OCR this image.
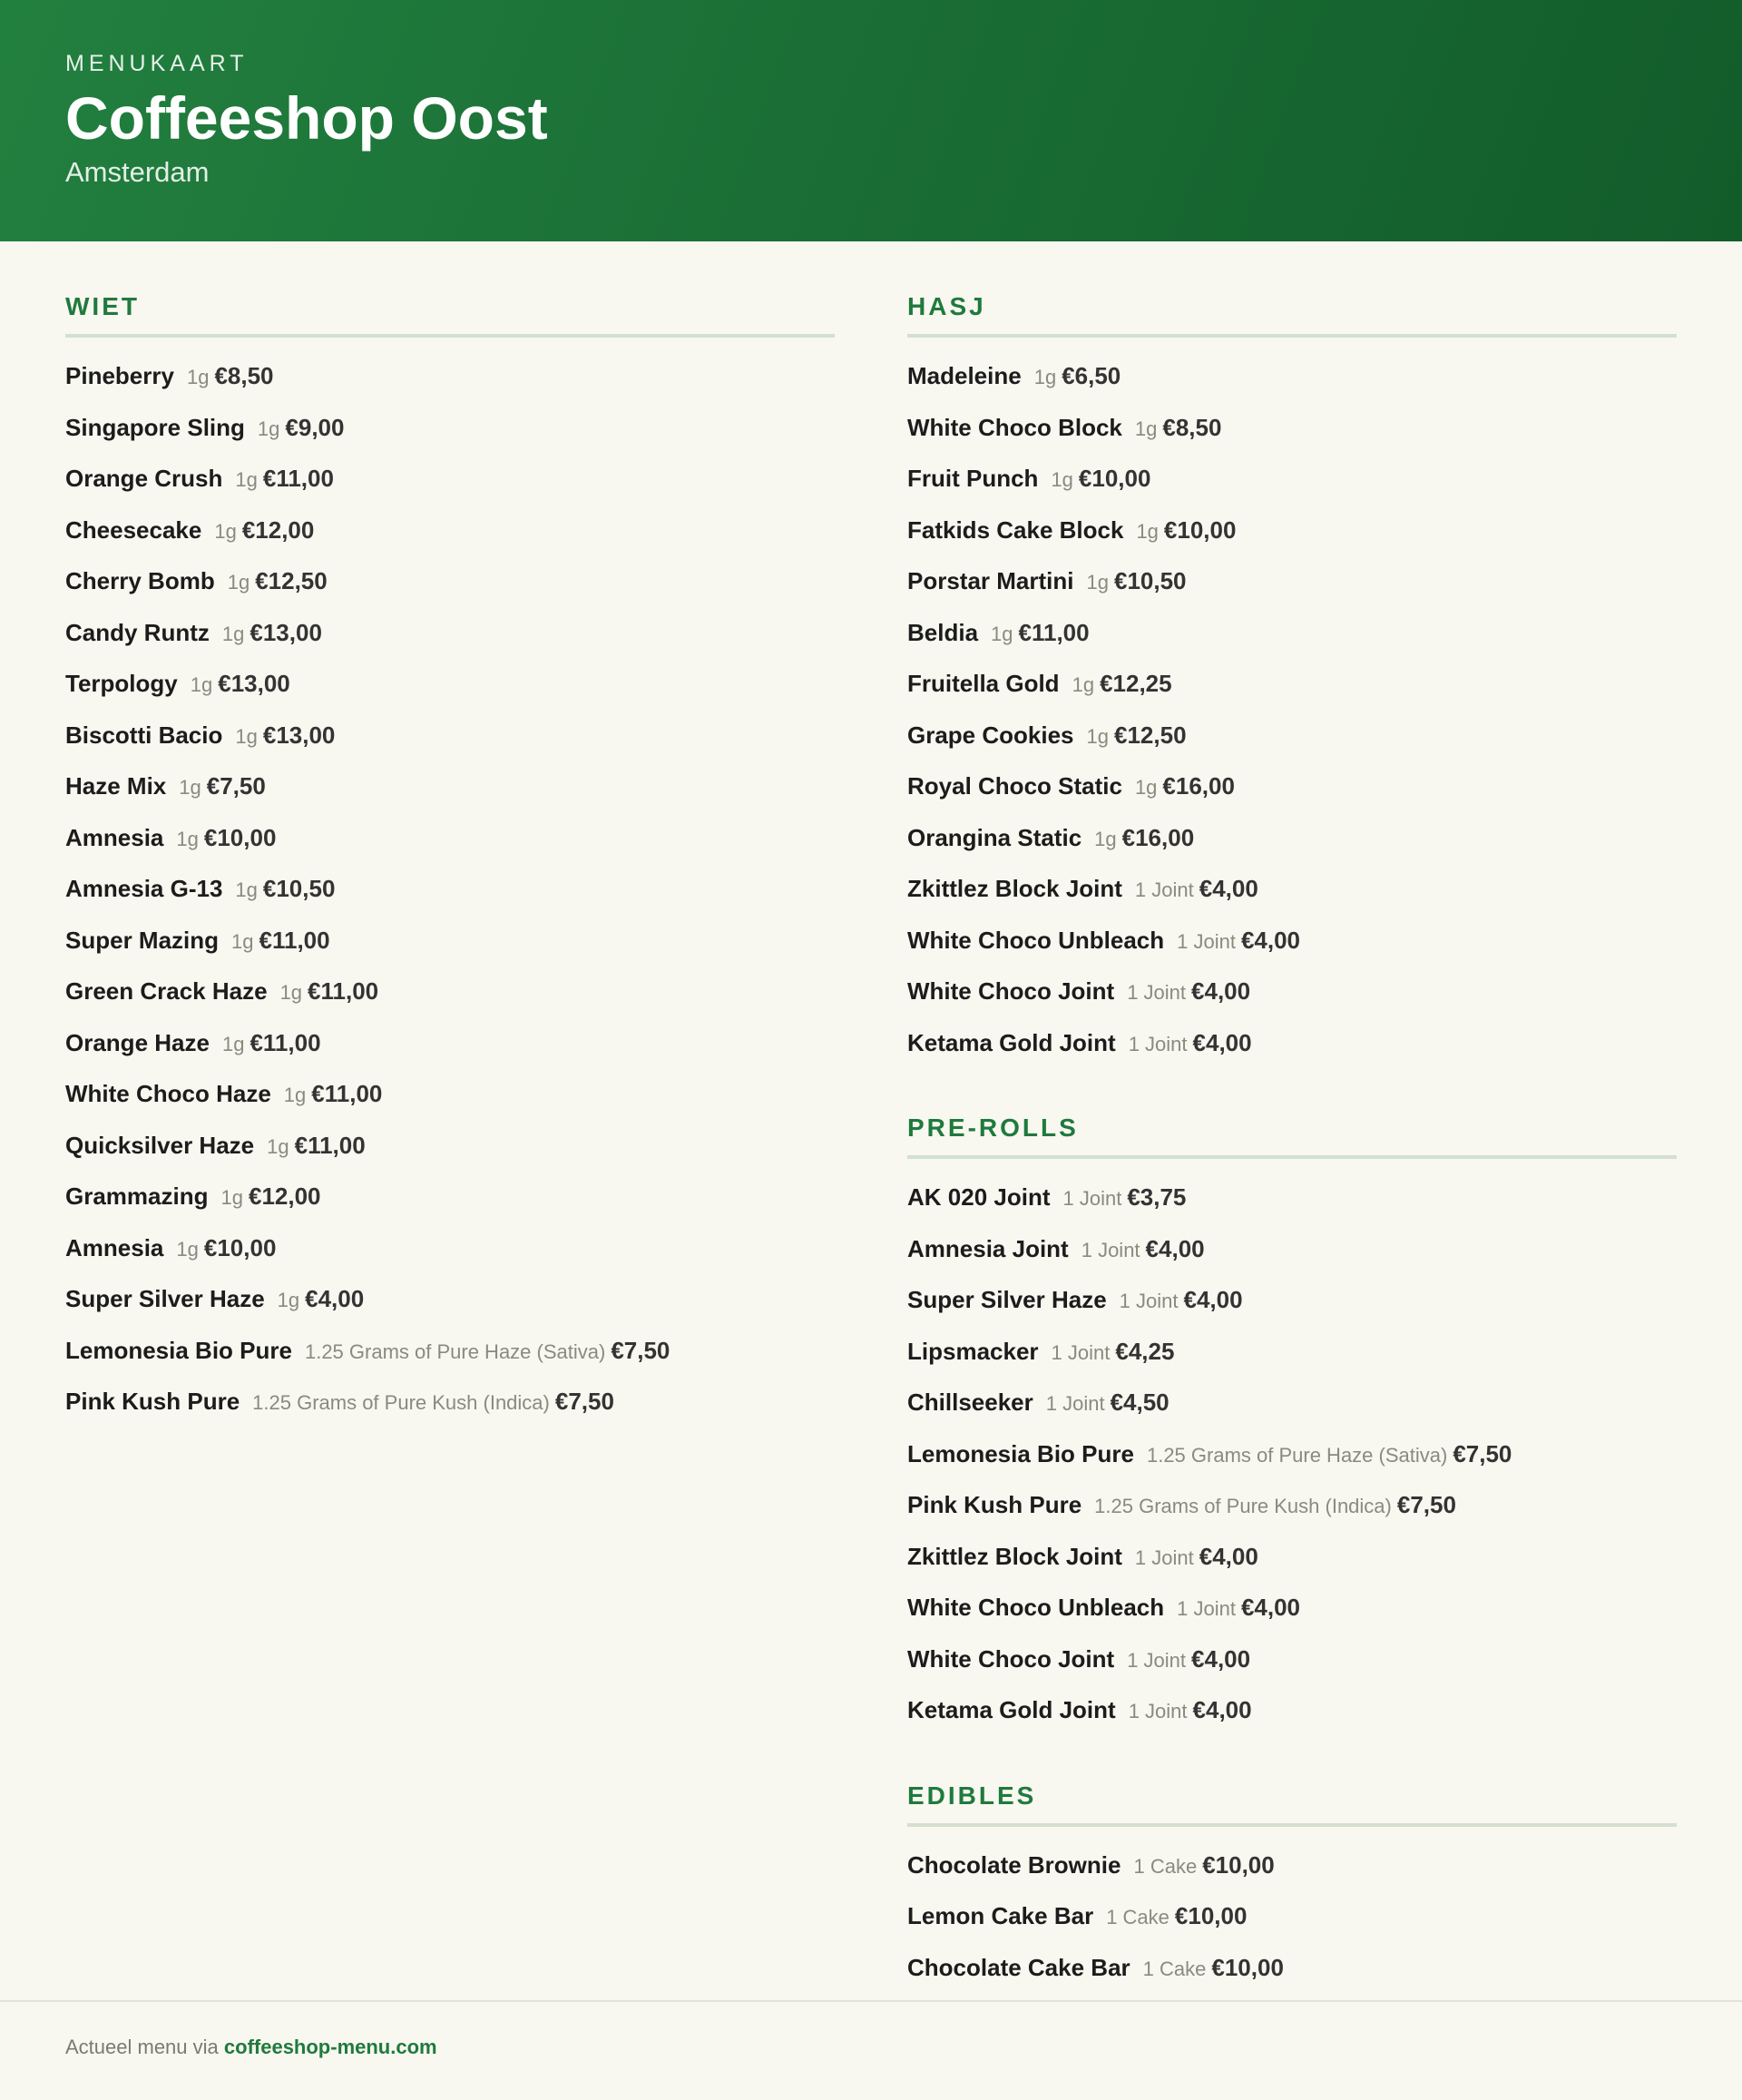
MENUKAART
Coffeeshop Oost
Amsterdam
WIET
Pineberry 1g €8,50
Singapore Sling 1g €9,00
Orange Crush 1g €11,00
Cheesecake 1g €12,00
Cherry Bomb 1g €12,50
Candy Runtz 1g €13,00
Terpology 1g €13,00
Biscotti Bacio 1g €13,00
Haze Mix 1g €7,50
Amnesia 1g €10,00
Amnesia G-13 1g €10,50
Super Mazing 1g €11,00
Green Crack Haze 1g €11,00
Orange Haze 1g €11,00
White Choco Haze 1g €11,00
Quicksilver Haze 1g €11,00
Grammazing 1g €12,00
Amnesia 1g €10,00
Super Silver Haze 1g €4,00
Lemonesia Bio Pure 1.25 Grams of Pure Haze (Sativa) €7,50
Pink Kush Pure 1.25 Grams of Pure Kush (Indica) €7,50
HASJ
Madeleine 1g €6,50
White Choco Block 1g €8,50
Fruit Punch 1g €10,00
Fatkids Cake Block 1g €10,00
Porstar Martini 1g €10,50
Beldia 1g €11,00
Fruitella Gold 1g €12,25
Grape Cookies 1g €12,50
Royal Choco Static 1g €16,00
Orangina Static 1g €16,00
Zkittlez Block Joint 1 Joint €4,00
White Choco Unbleach 1 Joint €4,00
White Choco Joint 1 Joint €4,00
Ketama Gold Joint 1 Joint €4,00
PRE-ROLLS
AK 020 Joint 1 Joint €3,75
Amnesia Joint 1 Joint €4,00
Super Silver Haze 1 Joint €4,00
Lipsmacker 1 Joint €4,25
Chillseeker 1 Joint €4,50
Lemonesia Bio Pure 1.25 Grams of Pure Haze (Sativa) €7,50
Pink Kush Pure 1.25 Grams of Pure Kush (Indica) €7,50
Zkittlez Block Joint 1 Joint €4,00
White Choco Unbleach 1 Joint €4,00
White Choco Joint 1 Joint €4,00
Ketama Gold Joint 1 Joint €4,00
EDIBLES
Chocolate Brownie 1 Cake €10,00
Lemon Cake Bar 1 Cake €10,00
Chocolate Cake Bar 1 Cake €10,00
Actueel menu via coffeeshop-menu.com
